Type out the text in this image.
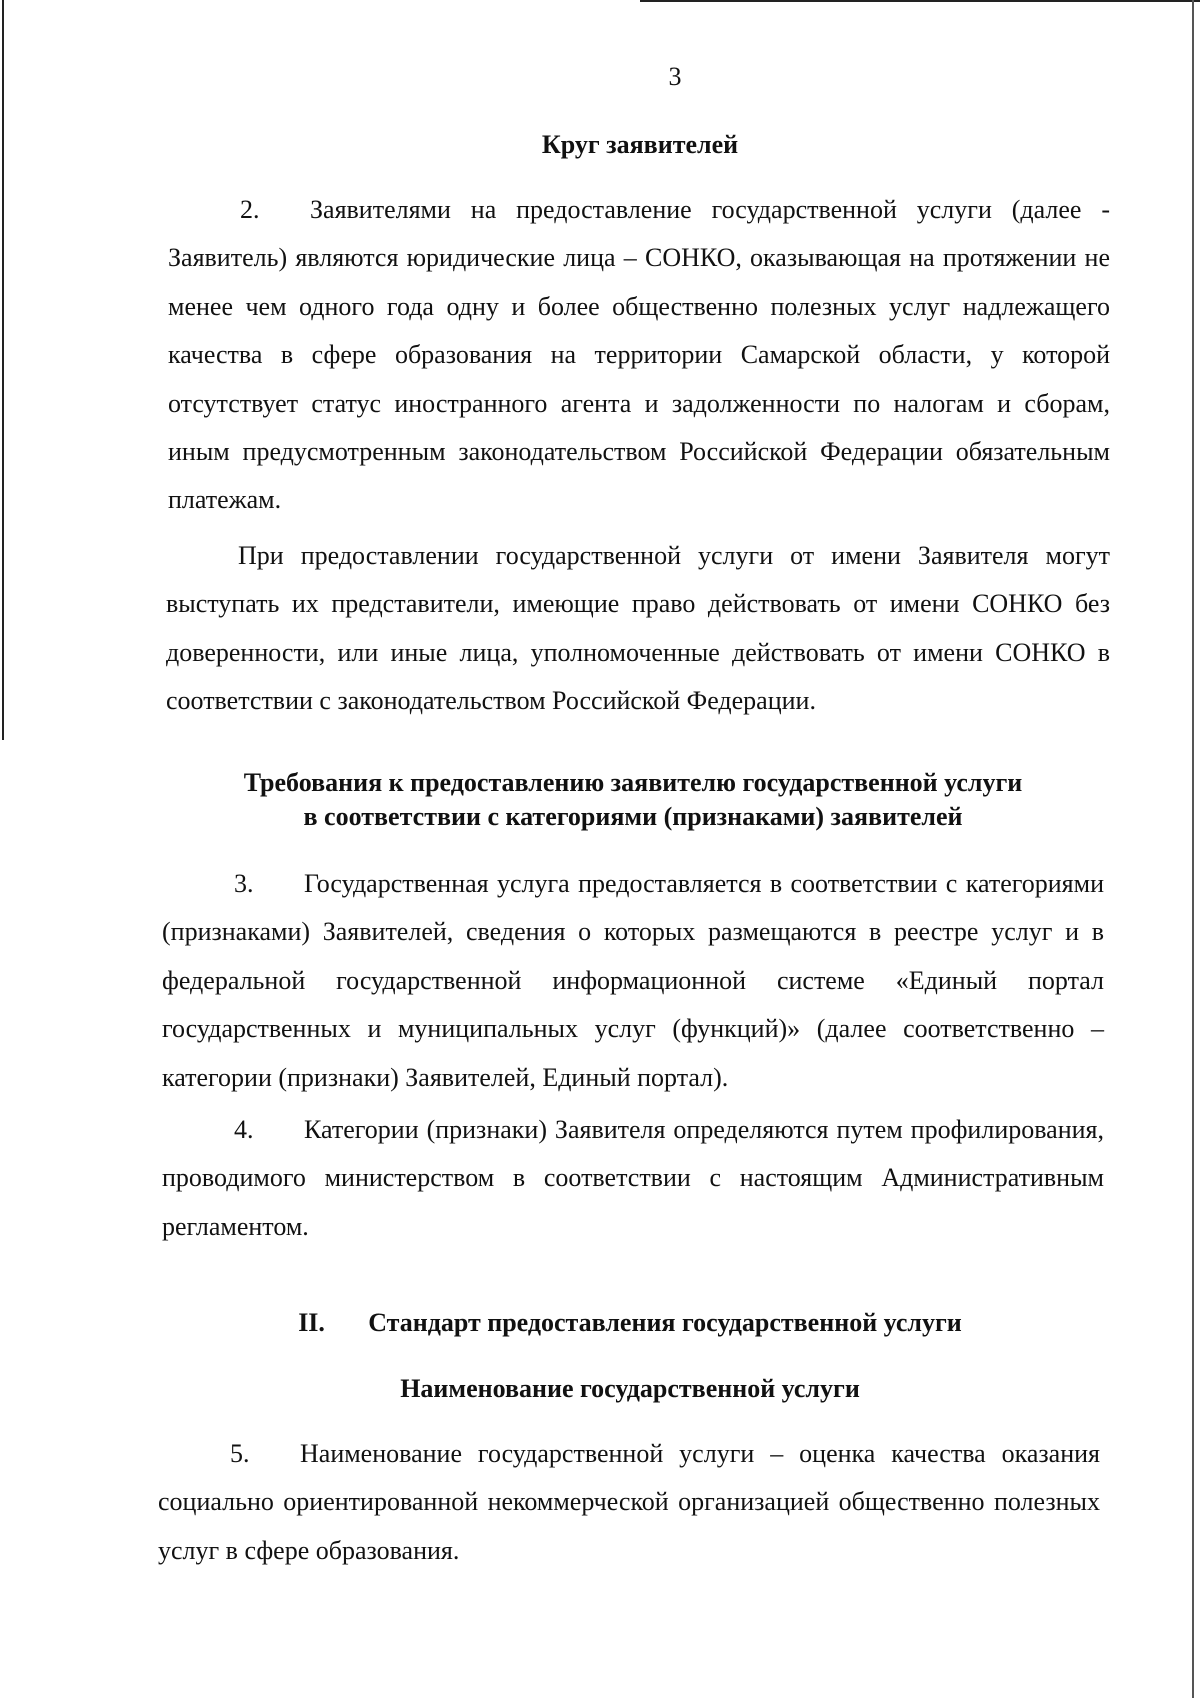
3
Круг заявителей
2. Заявителями на предоставление государственной услуги (далее - Заявитель) являются юридические лица – СОНКО, оказывающая на протяжении не менее чем одного года одну и более общественно полезных услуг надлежащего качества в сфере образования на территории Самарской области, у которой отсутствует статус иностранного агента и задолженности по налогам и сборам, иным предусмотренным законодательством Российской Федерации обязательным платежам.
При предоставлении государственной услуги от имени Заявителя могут выступать их представители, имеющие право действовать от имени СОНКО без доверенности, или иные лица, уполномоченные действовать от имени СОНКО в соответствии с законодательством Российской Федерации.
Требования к предоставлению заявителю государственной услуги
в соответствии с категориями (признаками) заявителей
3. Государственная услуга предоставляется в соответствии с категориями (признаками) Заявителей, сведения о которых размещаются в реестре услуг и в федеральной государственной информационной системе «Единый портал государственных и муниципальных услуг (функций)» (далее соответственно – категории (признаки) Заявителей, Единый портал).
4. Категории (признаки) Заявителя определяются путем профилирования, проводимого министерством в соответствии с настоящим Административным регламентом.
II. Стандарт предоставления государственной услуги
Наименование государственной услуги
5. Наименование государственной услуги – оценка качества оказания социально ориентированной некоммерческой организацией общественно полезных услуг в сфере образования.
